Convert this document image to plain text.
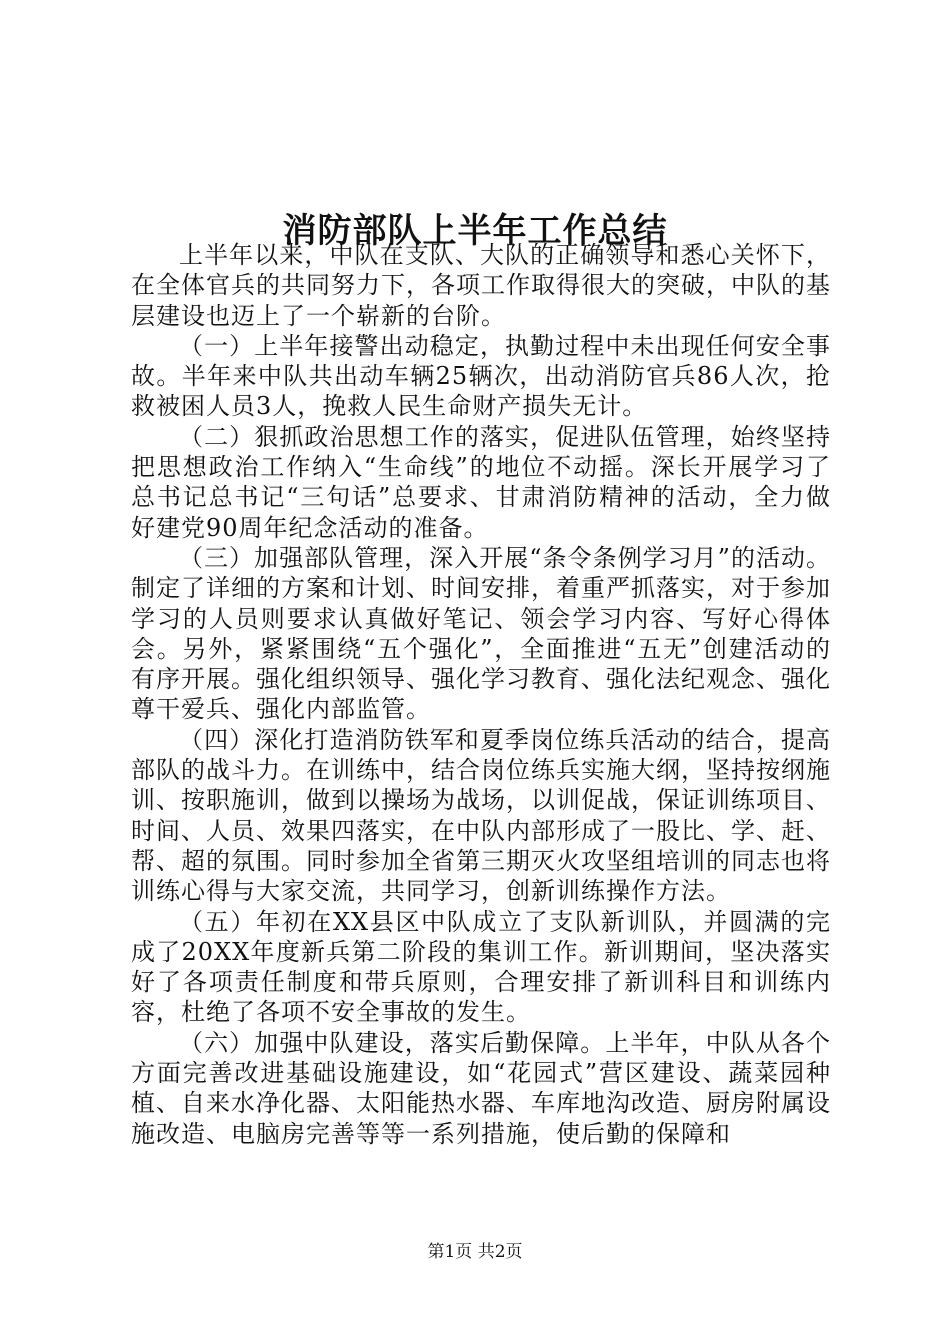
消防部队上半年工作总结

上半年以来，中队在支队、大队的正确领导和悉心关怀下，在全体官兵的共同努力下，各项工作取得很大的突破，中队的基层建设也迈上了一个崭新的台阶。

（一）上半年接警出动稳定，执勤过程中未出现任何安全事故。半年来中队共出动车辆25辆次，出动消防官兵86人次，抢救被困人员3人，挽救人民生命财产损失无计。

（二）狠抓政治思想工作的落实，促进队伍管理，始终坚持把思想政治工作纳入“生命线”的地位不动摇。深长开展学习了总书记总书记“三句话”总要求、甘肃消防精神的活动，全力做好建党90周年纪念活动的准备。

（三）加强部队管理，深入开展“条令条例学习月”的活动。制定了详细的方案和计划、时间安排，着重严抓落实，对于参加学习的人员则要求认真做好笔记、领会学习内容、写好心得体会。另外，紧紧围绕“五个强化”，全面推进“五无”创建活动的有序开展。强化组织领导、强化学习教育、强化法纪观念、强化尊干爱兵、强化内部监管。

（四）深化打造消防铁军和夏季岗位练兵活动的结合，提高部队的战斗力。在训练中，结合岗位练兵实施大纲，坚持按纲施训、按职施训，做到以操场为战场，以训促战，保证训练项目、时间、人员、效果四落实，在中队内部形成了一股比、学、赶、帮、超的氛围。同时参加全省第三期灭火攻坚组培训的同志也将训练心得与大家交流，共同学习，创新训练操作方法。

（五）年初在XX县区中队成立了支队新训队，并圆满的完成了20XX年度新兵第二阶段的集训工作。新训期间，坚决落实好了各项责任制度和带兵原则，合理安排了新训科目和训练内容，杜绝了各项不安全事故的发生。

（六）加强中队建设，落实后勤保障。上半年，中队从各个方面完善改进基础设施建设，如“花园式”营区建设、蔬菜园种植、自来水净化器、太阳能热水器、车库地沟改造、厨房附属设施改造、电脑房完善等等一系列措施，使后勤的保障和

第1页 共2页
